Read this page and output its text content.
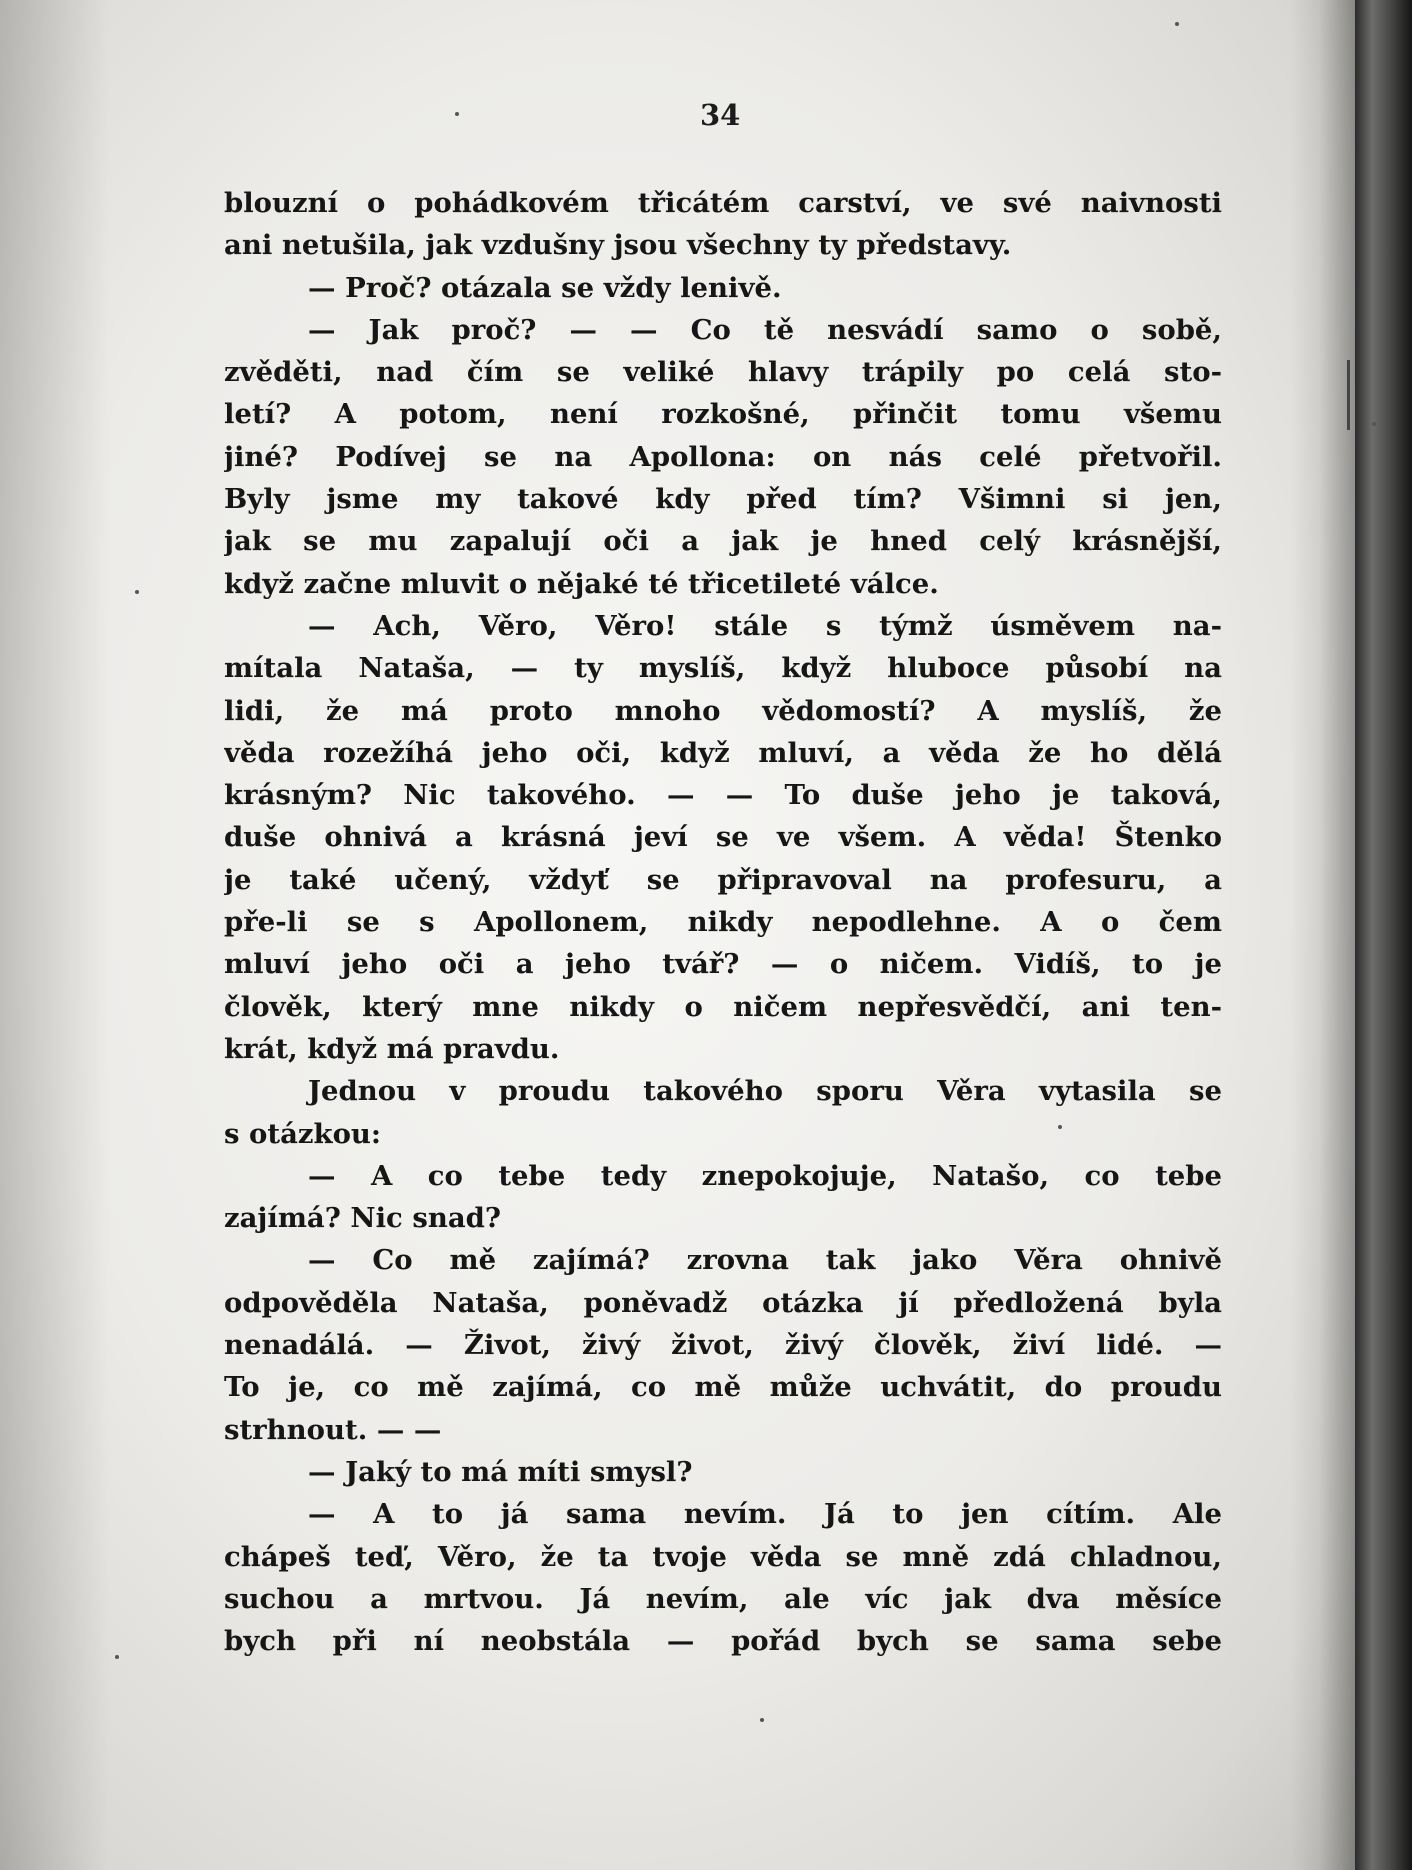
34
blouzní o pohádkovém třicátém carství, ve své naivnosti
ani netušila, jak vzdušny jsou všechny ty představy.
— Proč? otázala se vždy lenivě.
— Jak proč? — — Co tě nesvádí samo o sobě,
zvěděti, nad čím se veliké hlavy trápily po celá sto-
letí? A potom, není rozkošné, přinčit tomu všemu
jiné? Podívej se na Apollona: on nás celé přetvořil.
Byly jsme my takové kdy před tím? Všimni si jen,
jak se mu zapalují oči a jak je hned celý krásnější,
když začne mluvit o nějaké té třicetileté válce.
— Ach, Věro, Věro! stále s týmž úsměvem na-
mítala Nataša, — ty myslíš, když hluboce působí na
lidi, že má proto mnoho vědomostí? A myslíš, že
věda rozežíhá jeho oči, když mluví, a věda že ho dělá
krásným? Nic takového. — — To duše jeho je taková,
duše ohnivá a krásná jeví se ve všem. A věda! Štenko
je také učený, vždyť se připravoval na profesuru, a
pře-li se s Apollonem, nikdy nepodlehne. A o čem
mluví jeho oči a jeho tvář? — o ničem. Vidíš, to je
člověk, který mne nikdy o ničem nepřesvědčí, ani ten-
krát, když má pravdu.
Jednou v proudu takového sporu Věra vytasila se
s otázkou:
— A co tebe tedy znepokojuje, Natašo, co tebe
zajímá? Nic snad?
— Co mě zajímá? zrovna tak jako Věra ohnivě
odpověděla Nataša, poněvadž otázka jí předložená byla
nenadálá. — Život, živý život, živý člověk, živí lidé. —
To je, co mě zajímá, co mě může uchvátit, do proudu
strhnout. — —
— Jaký to má míti smysl?
— A to já sama nevím. Já to jen cítím. Ale
chápeš teď, Věro, že ta tvoje věda se mně zdá chladnou,
suchou a mrtvou. Já nevím, ale víc jak dva měsíce
bych při ní neobstála — pořád bych se sama sebe
